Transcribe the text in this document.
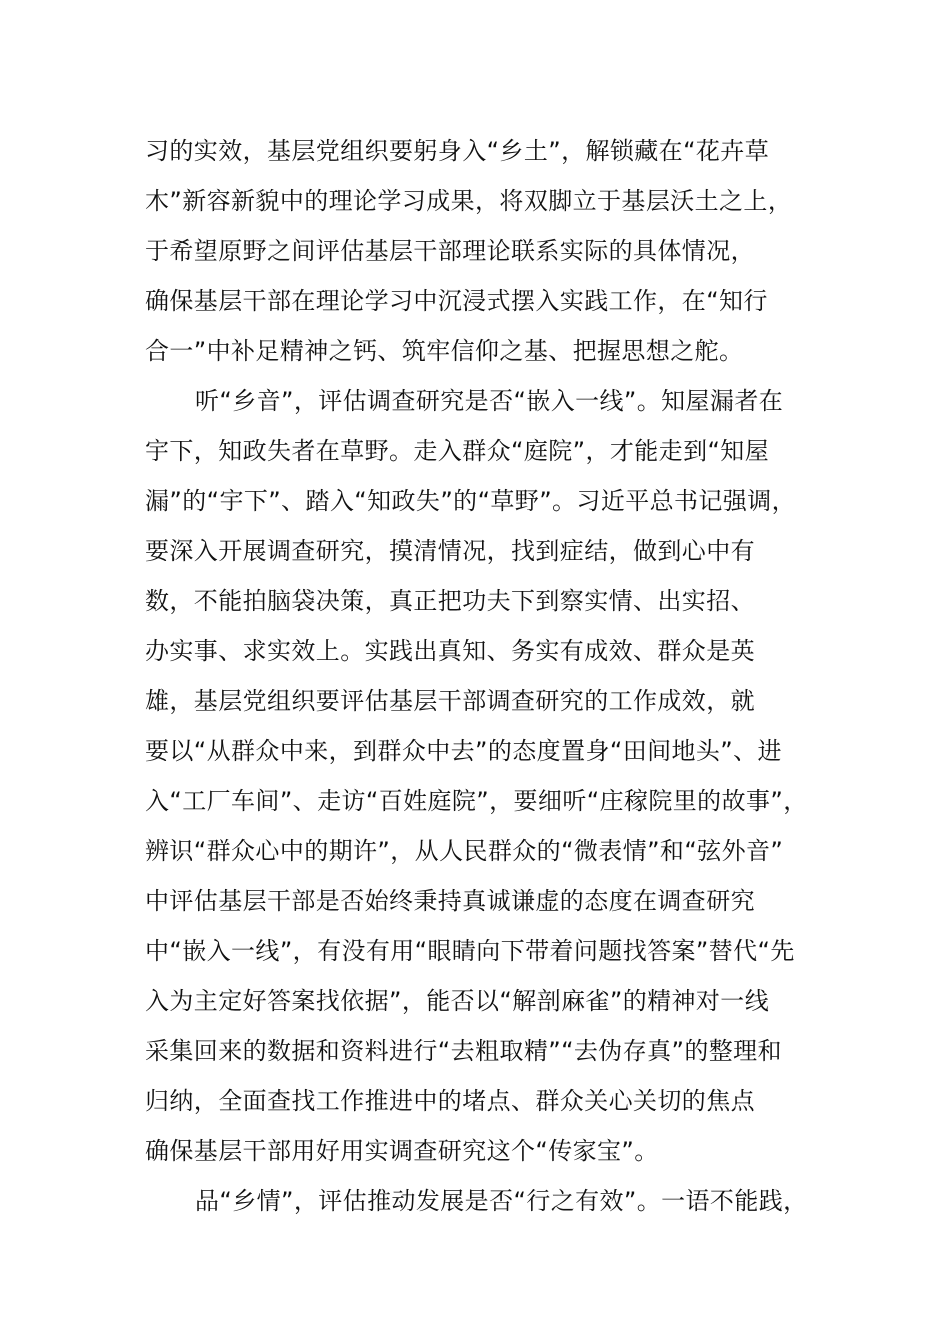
习的实效，基层党组织要躬身入“乡土”，解锁藏在“花卉草
木”新容新貌中的理论学习成果，将双脚立于基层沃土之上，
于希望原野之间评估基层干部理论联系实际的具体情况，
确保基层干部在理论学习中沉浸式摆入实践工作，在“知行
合一”中补足精神之钙、筑牢信仰之基、把握思想之舵。
听“乡音”，评估调查研究是否“嵌入一线”。知屋漏者在
宇下，知政失者在草野。走入群众“庭院”，才能走到“知屋
漏”的“宇下”、踏入“知政失”的“草野”。习近平总书记强调，
要深入开展调查研究，摸清情况，找到症结，做到心中有
数，不能拍脑袋决策，真正把功夫下到察实情、出实招、
办实事、求实效上。实践出真知、务实有成效、群众是英
雄，基层党组织要评估基层干部调查研究的工作成效，就
要以“从群众中来，到群众中去”的态度置身“田间地头”、进
入“工厂车间”、走访“百姓庭院”，要细听“庄稼院里的故事”，
辨识“群众心中的期许”，从人民群众的“微表情”和“弦外音”
中评估基层干部是否始终秉持真诚谦虚的态度在调查研究
中“嵌入一线”，有没有用“眼睛向下带着问题找答案”替代“先
入为主定好答案找依据”，能否以“解剖麻雀”的精神对一线
采集回来的数据和资料进行“去粗取精”“去伪存真”的整理和
归纳，全面查找工作推进中的堵点、群众关心关切的焦点
确保基层干部用好用实调查研究这个“传家宝”。
品“乡情”，评估推动发展是否“行之有效”。一语不能践，
